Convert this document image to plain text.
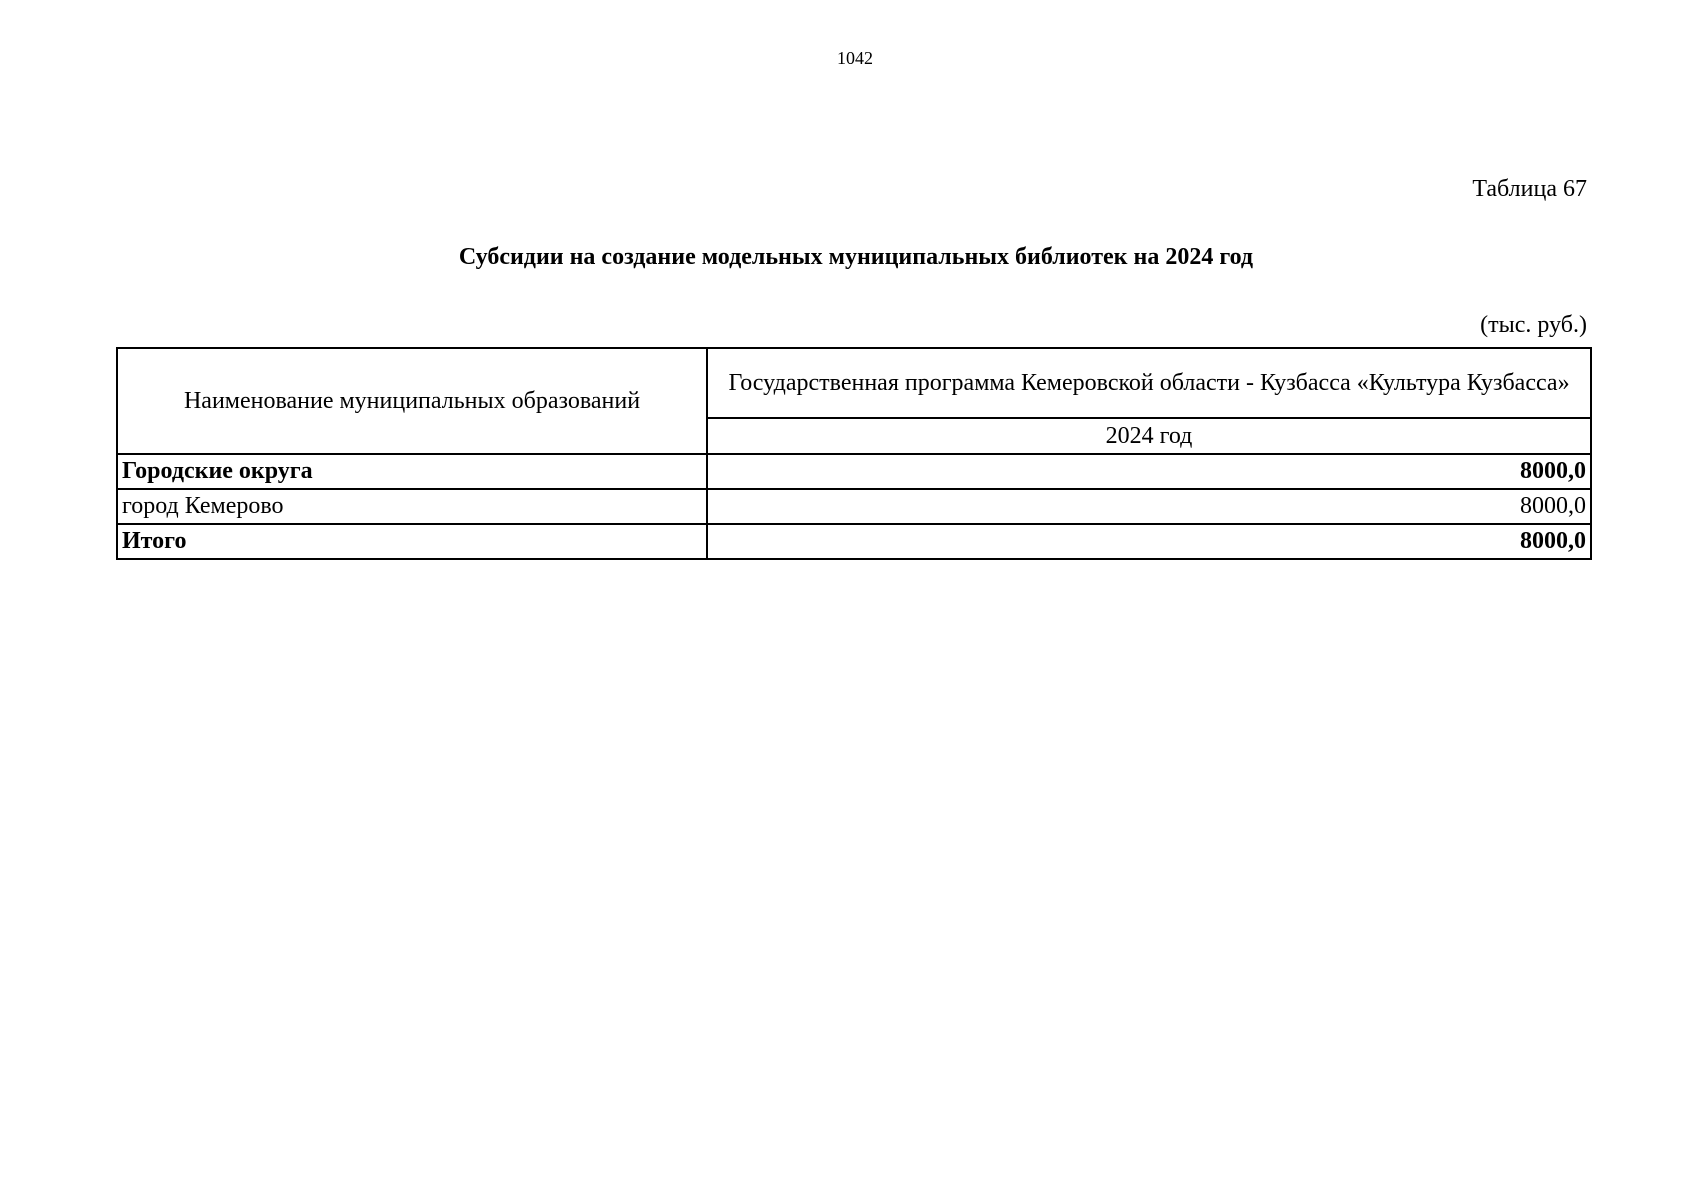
1042
Таблица 67
Субсидии на создание модельных муниципальных библиотек на 2024 год
(тыс. руб.)
Наименование муниципальных образований	Государственная программа Кемеровской области - Кузбасса «Культура Кузбасса»
	2024 год
Городские округа	8000,0
город Кемерово	8000,0
Итого	8000,0
